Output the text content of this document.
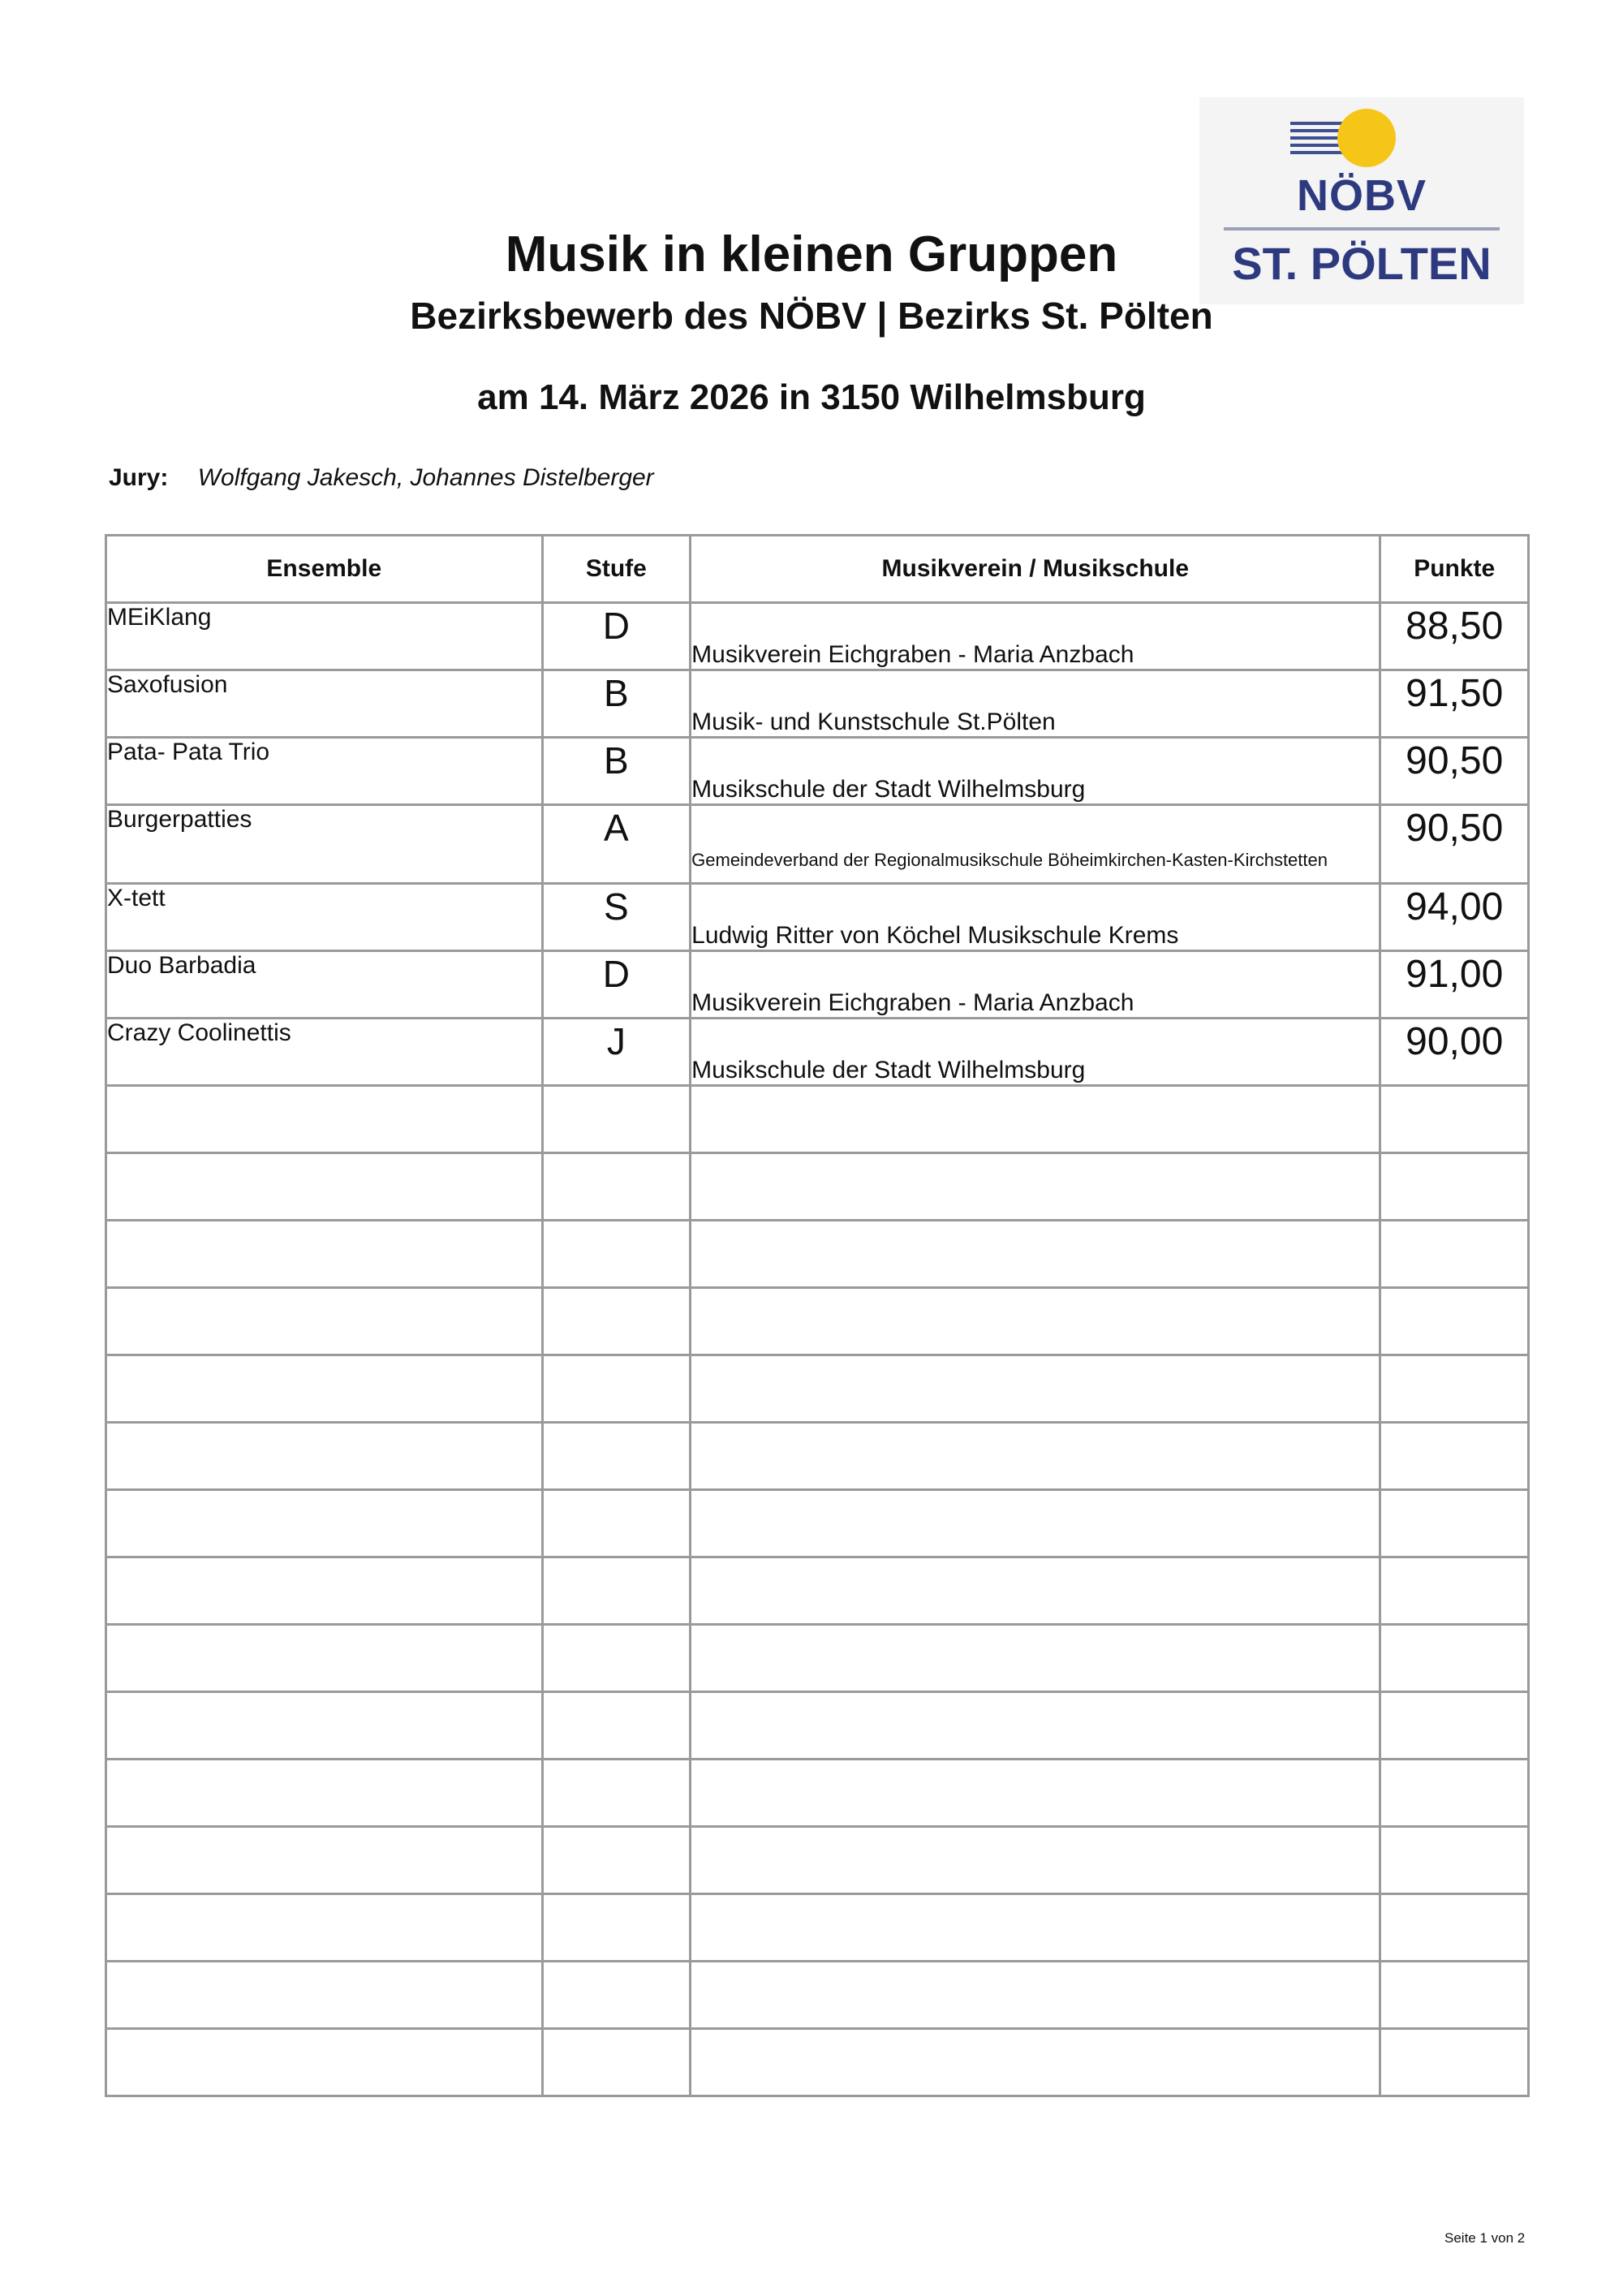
NÖBV
ST. PÖLTEN
Musik in kleinen Gruppen
Bezirksbewerb des NÖBV | Bezirks St. Pölten
am 14. März 2026 in 3150 Wilhelmsburg
Jury: Wolfgang Jakesch, Johannes Distelberger
Ensemble	Stufe	Musikverein / Musikschule	Punkte
MEiKlang	D	Musikverein Eichgraben - Maria Anzbach	88,50
Saxofusion	B	Musik- und Kunstschule St.Pölten	91,50
Pata- Pata Trio	B	Musikschule der Stadt Wilhelmsburg	90,50
Burgerpatties	A	Gemeindeverband der Regionalmusikschule Böheimkirchen-Kasten-Kirchstetten	90,50
X-tett	S	Ludwig Ritter von Köchel Musikschule Krems	94,00
Duo Barbadia	D	Musikverein Eichgraben - Maria Anzbach	91,00
Crazy Coolinettis	J	Musikschule der Stadt Wilhelmsburg	90,00

Seite 1 von 2
